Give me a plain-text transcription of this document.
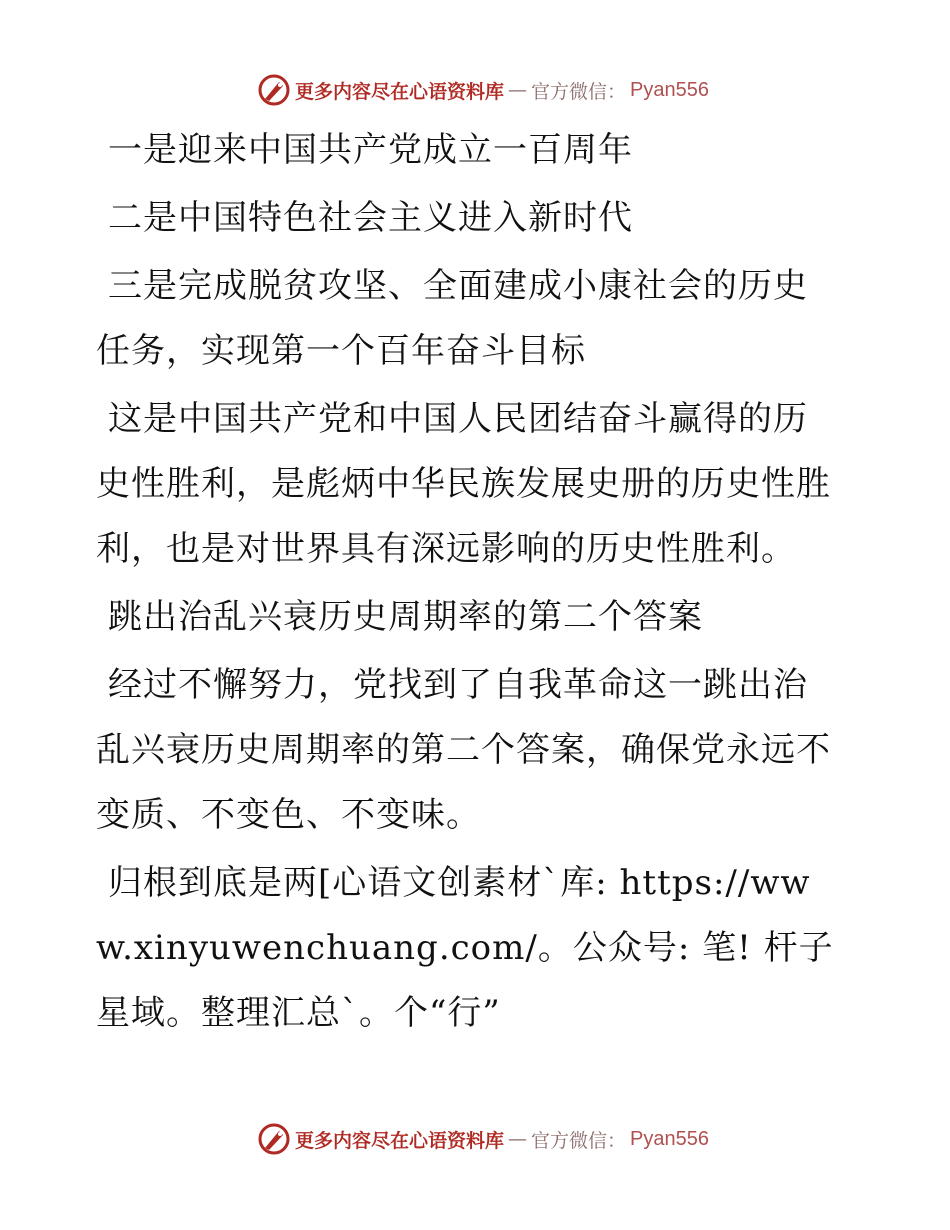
更多内容尽在心语资料库 — 官方微信： Pyan556

一是迎来中国共产党成立一百周年

二是中国特色社会主义进入新时代

三是完成脱贫攻坚、全面建成小康社会的历史任务，实现第一个百年奋斗目标

这是中国共产党和中国人民团结奋斗赢得的历史性胜利，是彪炳中华民族发展史册的历史性胜利，也是对世界具有深远影响的历史性胜利。

跳出治乱兴衰历史周期率的第二个答案

经过不懈努力，党找到了自我革命这一跳出治乱兴衰历史周期率的第二个答案，确保党永远不变质、不变色、不变味。

归根到底是两[心语文创素材`库: https://www.xinyuwenchuang.com/。公众号: 笔! 杆子星域。整理汇总`。个“行”

更多内容尽在心语资料库 — 官方微信： Pyan556
